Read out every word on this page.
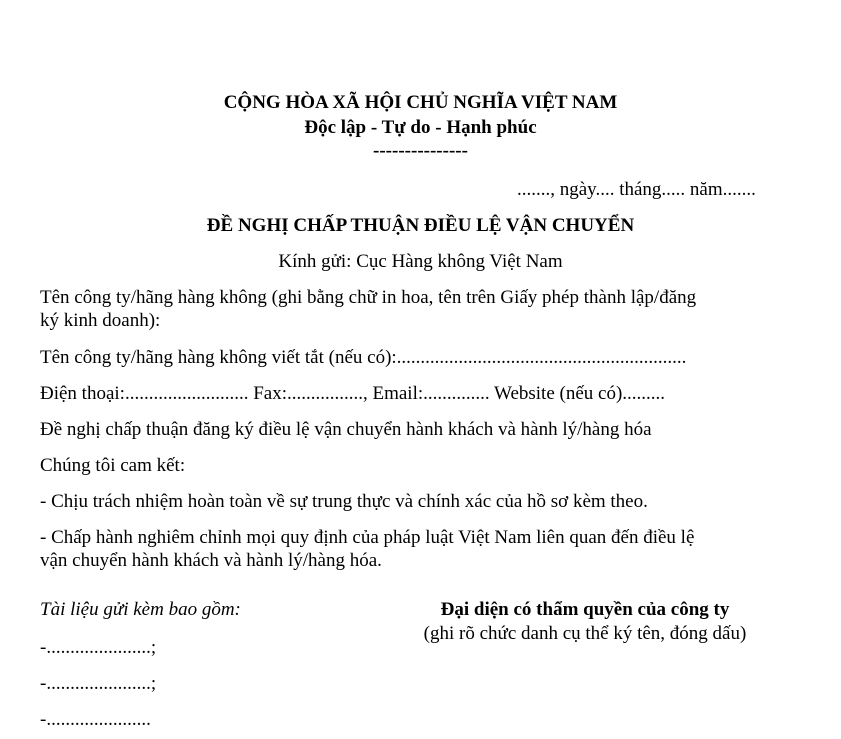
CỘNG HÒA XÃ HỘI CHỦ NGHĨA VIỆT NAM
Độc lập - Tự do - Hạnh phúc
---------------
......., ngày.... tháng..... năm.......
ĐỀ NGHỊ CHẤP THUẬN ĐIỀU LỆ VẬN CHUYỂN
Kính gửi: Cục Hàng không Việt Nam
Tên công ty/hãng hàng không (ghi bằng chữ in hoa, tên trên Giấy phép thành lập/đăng
ký kinh doanh):
Tên công ty/hãng hàng không viết tắt (nếu có):.............................................................
Điện thoại:.......................... Fax:................, Email:.............. Website (nếu có).........
Đề nghị chấp thuận đăng ký điều lệ vận chuyển hành khách và hành lý/hàng hóa
Chúng tôi cam kết:
- Chịu trách nhiệm hoàn toàn về sự trung thực và chính xác của hồ sơ kèm theo.
- Chấp hành nghiêm chỉnh mọi quy định của pháp luật Việt Nam liên quan đến điều lệ
vận chuyển hành khách và hành lý/hàng hóa.
Tài liệu gửi kèm bao gồm:
-......................;
-......................;
-......................
Đại diện có thẩm quyền của công ty
(ghi rõ chức danh cụ thể ký tên, đóng dấu)
